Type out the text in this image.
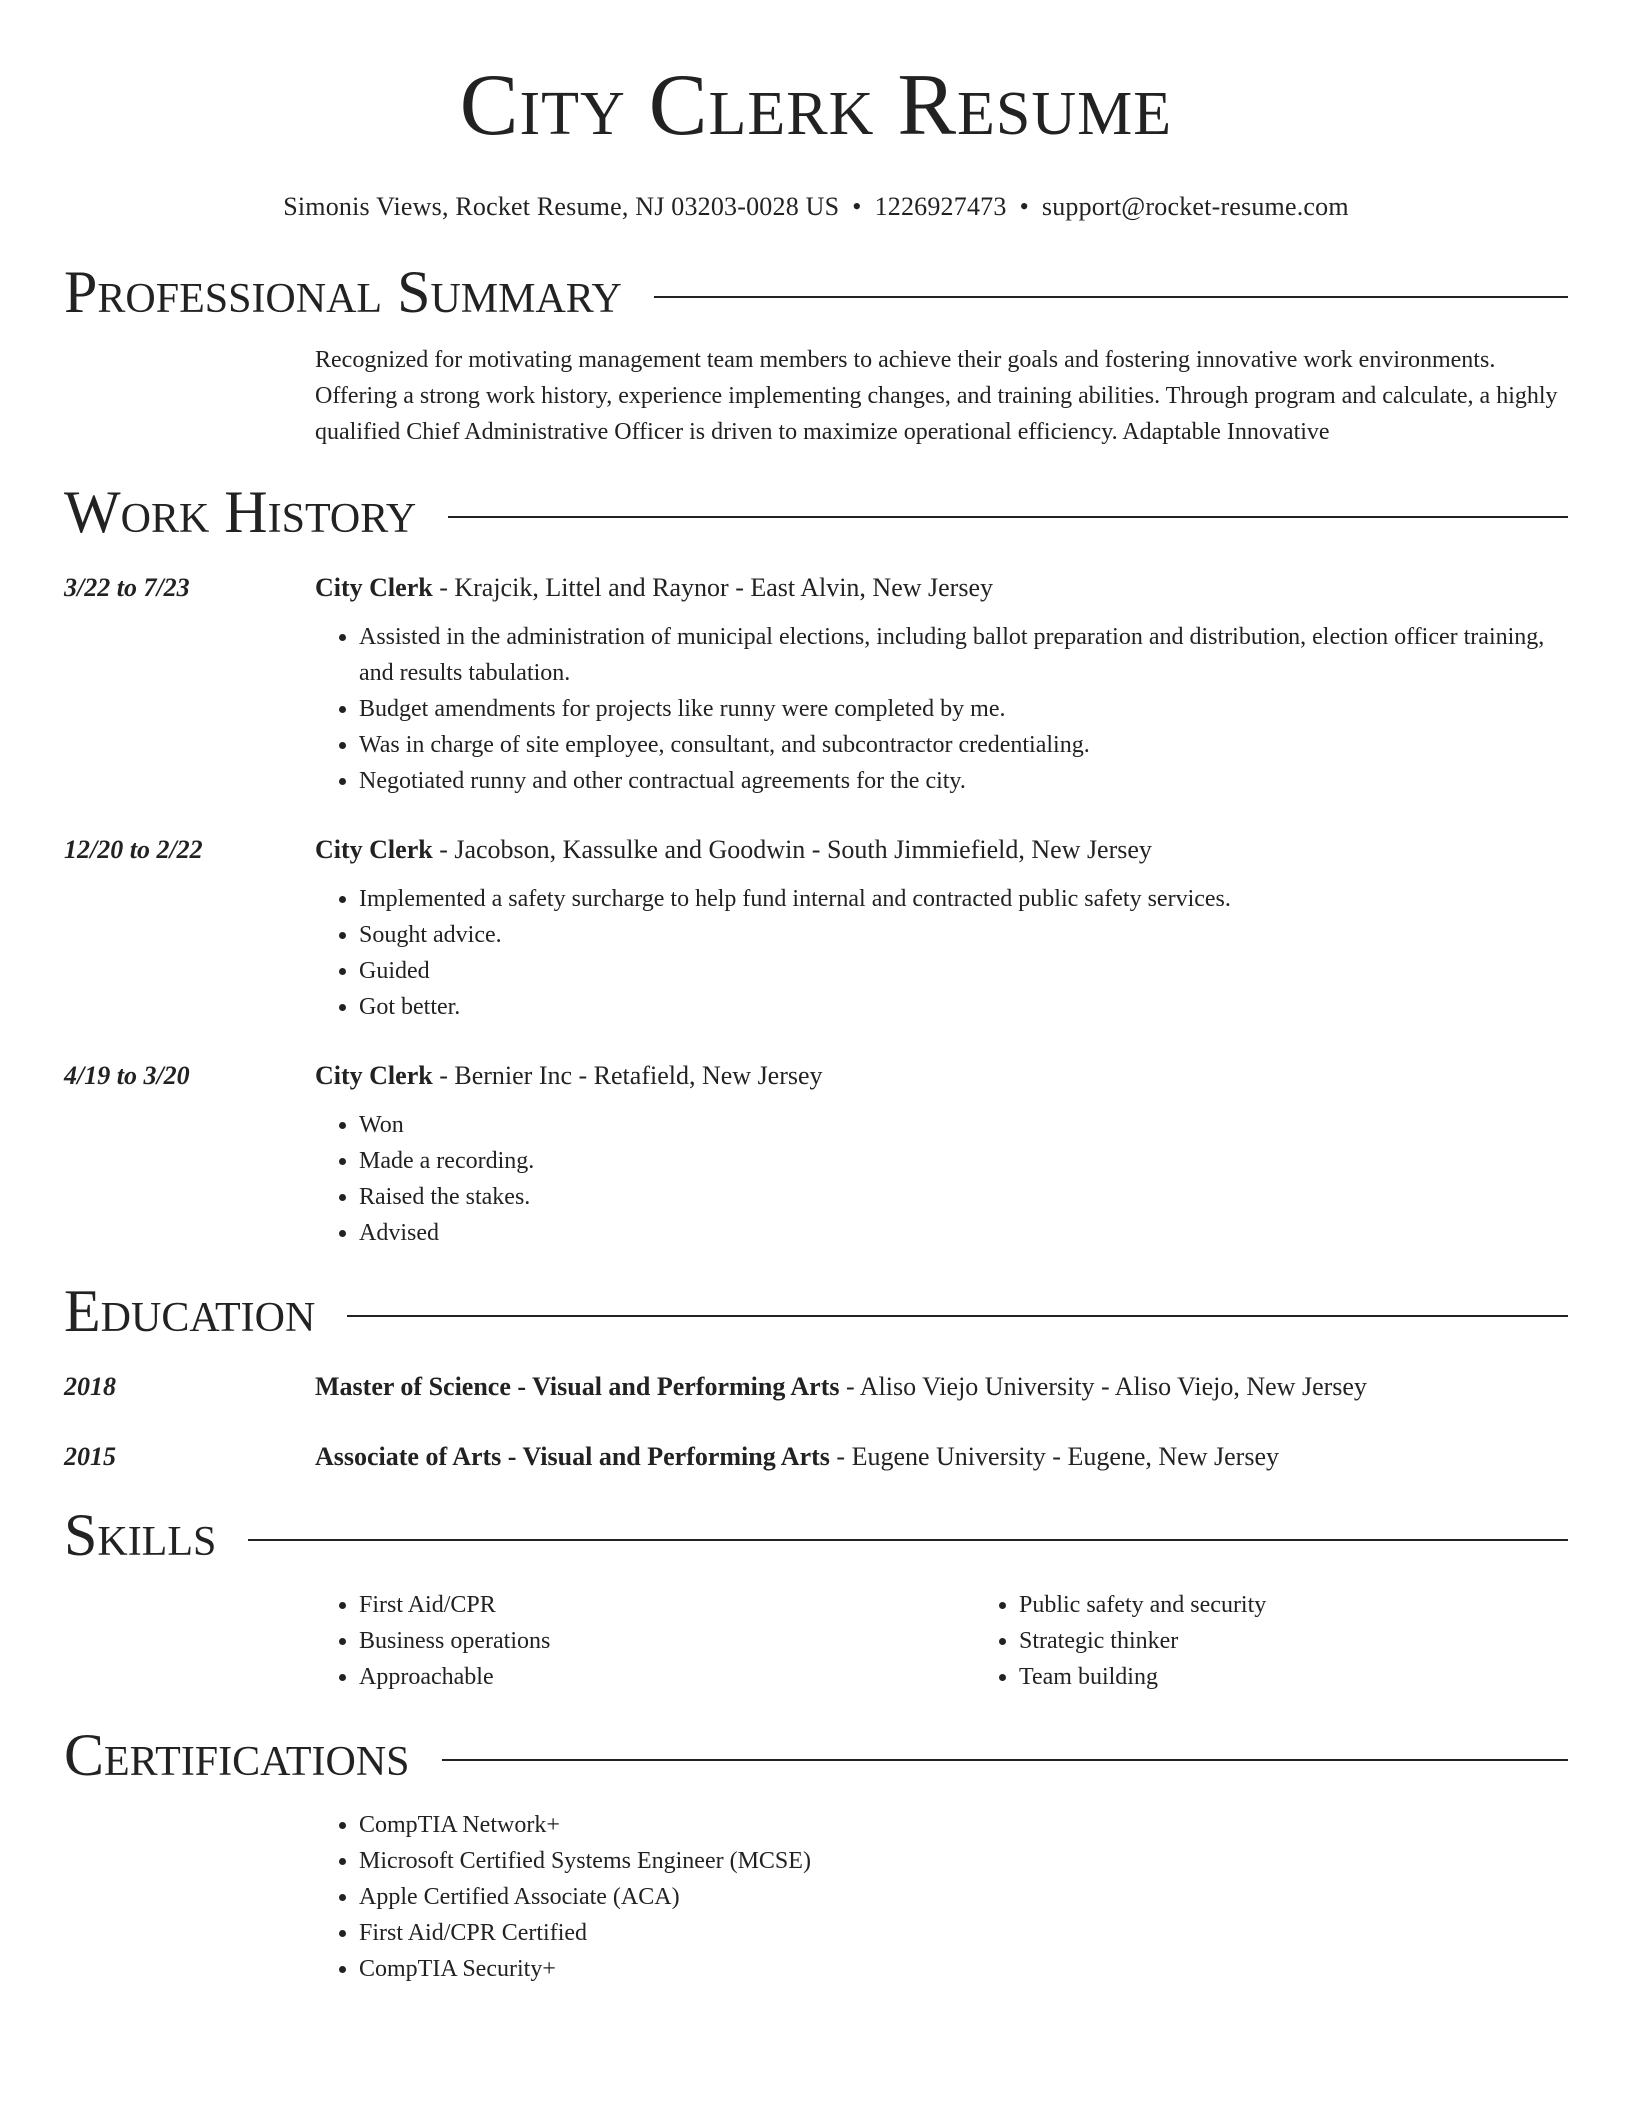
City Clerk Resume
Simonis Views, Rocket Resume, NJ 03203-0028 US • 1226927473 • support@rocket-resume.com
Professional Summary
Recognized for motivating management team members to achieve their goals and fostering innovative work environments. Offering a strong work history, experience implementing changes, and training abilities. Through program and calculate, a highly qualified Chief Administrative Officer is driven to maximize operational efficiency. Adaptable Innovative
Work History
3/22 to 7/23	City Clerk - Krajcik, Littel and Raynor - East Alvin, New Jersey
• Assisted in the administration of municipal elections, including ballot preparation and distribution, election officer training, and results tabulation.
• Budget amendments for projects like runny were completed by me.
• Was in charge of site employee, consultant, and subcontractor credentialing.
• Negotiated runny and other contractual agreements for the city.
12/20 to 2/22	City Clerk - Jacobson, Kassulke and Goodwin - South Jimmiefield, New Jersey
• Implemented a safety surcharge to help fund internal and contracted public safety services.
• Sought advice.
• Guided
• Got better.
4/19 to 3/20	City Clerk - Bernier Inc - Retafield, New Jersey
• Won
• Made a recording.
• Raised the stakes.
• Advised
Education
2018	Master of Science - Visual and Performing Arts - Aliso Viejo University - Aliso Viejo, New Jersey
2015	Associate of Arts - Visual and Performing Arts - Eugene University - Eugene, New Jersey
Skills
• First Aid/CPR
• Business operations
• Approachable
• Public safety and security
• Strategic thinker
• Team building
Certifications
• CompTIA Network+
• Microsoft Certified Systems Engineer (MCSE)
• Apple Certified Associate (ACA)
• First Aid/CPR Certified
• CompTIA Security+
